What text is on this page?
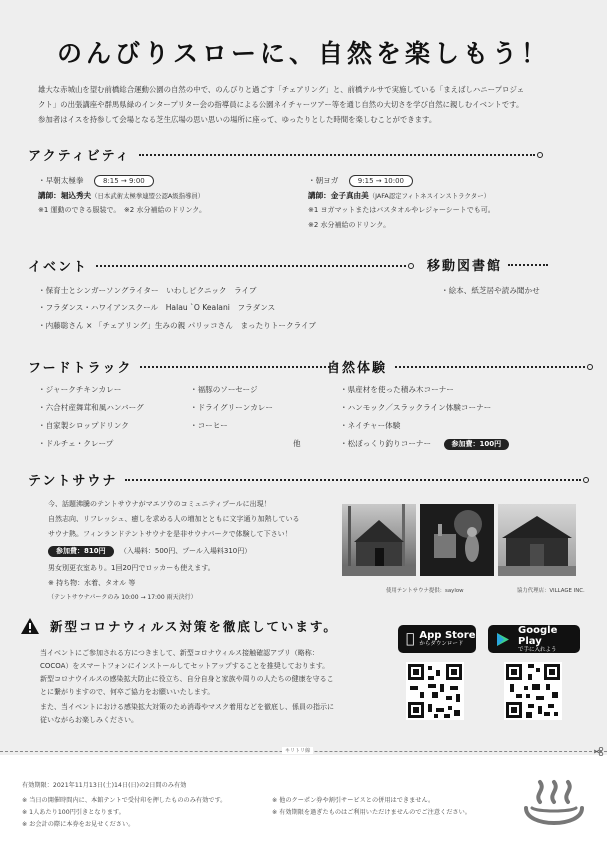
のんびりスローに、自然を楽しもう！
雄大な赤城山を望む前橋総合運動公園の自然の中で、のんびりと過ごす「チェアリング」と、前橋テルサで実施している「まえばしハニープロジェ
クト」の出張講座や群馬県緑のインタープリター会の指導員による公園ネイチャーツアー等を通じ自然の大切さを学び自然に親しむイベントです。
参加者はイスを持参して会場となる芝生広場の思い思いの場所に座って、ゆったりとした時間を楽しむことができます。
アクティビティ
・早朝太極拳	8:15 → 9:00
講師：堀込秀夫（日本武術太極拳連盟公認A級指導員）
※1 運動のできる服装で。　※2 水分補給のドリンク。
・朝ヨガ	9:15 → 10:00
講師：金子真由美（JAFA認定フィトネスインストラクター）
※1 ヨガマットまたはバスタオルやレジャーシートでも可。
※2 水分補給のドリンク。
イベント	移動図書館
・保育士とシンガーソングライター　いわしピクニック　ライブ
・フラダンス・ハワイアンスクール　Halau `O Kealani　フラダンス
・内藤聡さん × 「チェアリング」生みの親 パリッコさん　まったりトークライブ
・絵本、紙芝居や読み聞かせ
フードトラック	自然体験
・ジャークチキンカレー
・六合村産舞茸和風ハンバーグ
・自家製シロップドリンク
・ドルチェ・クレープ
・福豚のソーセージ
・ドライグリーンカレー
・コーヒー
他
・県産材を使った積み木コーナー
・ハンモック／スラックライン体験コーナー
・ネイチャー体験
・松ぼっくり釣りコーナー	参加費：100円
テントサウナ
今、話題沸騰のテントサウナがマエソウのコミュニティプールに出現！
自然志向、リフレッシュ、癒しを求める人の増加とともに文字通り加熱している
サウナ熱。フィンランドテントサウナを是非サウナパークで体験して下さい！
参加費：810円 （入場料：500円、プール入場料310円）
男女別更衣室あり。1回20円でロッカーも使えます。
※ 持ち物：水着、タオル 等
（テントサウナパークのみ 10:00 → 17:00 雨天決行）
使用テントサウナ提供：saylow	協力代理店：VILLAGE INC.
新型コロナウィルス対策を徹底しています。
当イベントにご参加される方につきまして、新型コロナウィルス接触確認アプリ（略称：
COCOA）をスマートフォンにインストールしてセットアップすることを推奨しております。
新型コロナウイルスの感染拡大防止に役立ち、自分自身と家族や周りの人たちの健康を守るこ
とに繋がりますので、何卒ご協力をお願いいたします。
また、当イベントにおける感染拡大対策のため消毒やマスク着用などを徹底し、係員の指示に
従いながらお楽しみください。
App Store
からダウンロード
Google Play
で手に入れよう
キリトリ線
有効期限：2021年11月13日(土)14日(日)の2日間のみ有効
※ 当日の開催時間内に、本館テントで受付印を押したもののみ有効です。
※ 1人あたり100円引きとなります。
※ お会計の際に本券をお見せください。
※ 他のクーポン券や割引サービスとの併用はできません。
※ 有効期限を過ぎたものはご利用いただけませんのでご注意ください。
